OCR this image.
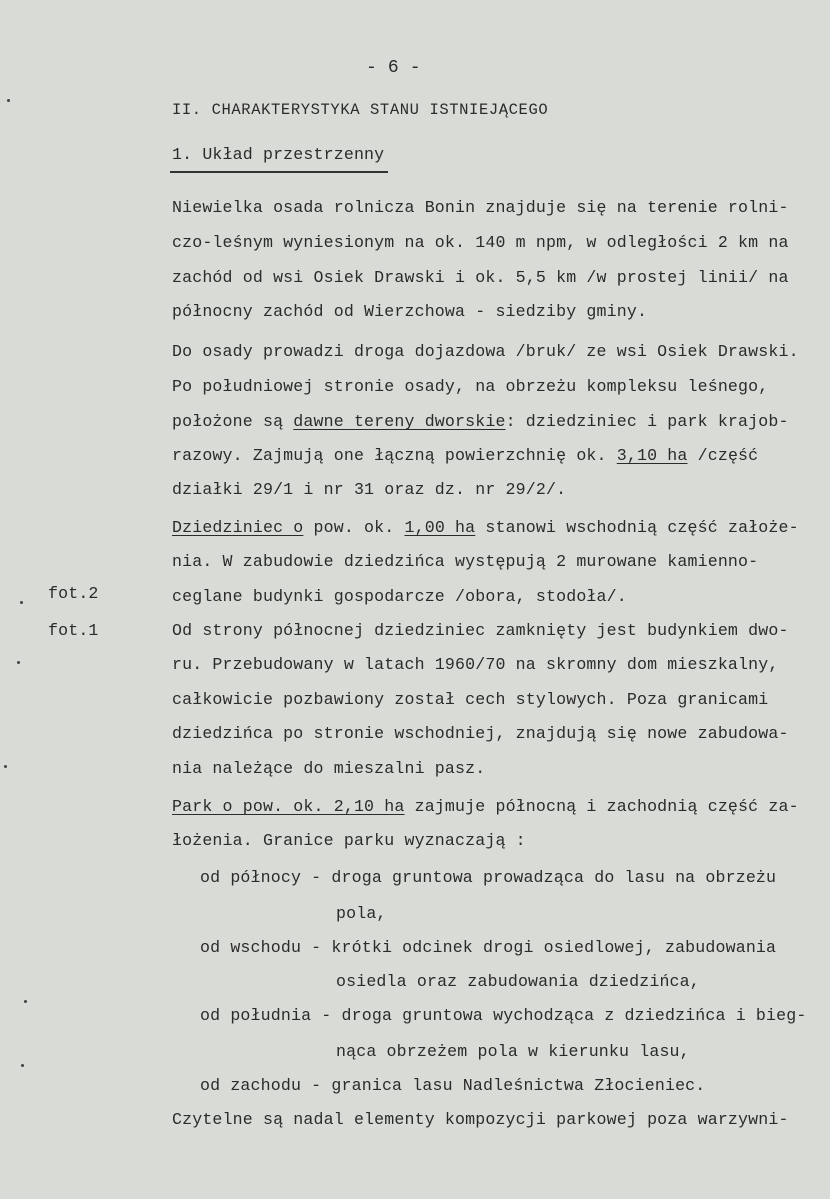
- 6 -
II. CHARAKTERYSTYKA STANU ISTNIEJĄCEGO
1. Układ przestrzenny
fot.2
fot.1
Niewielka osada rolnicza Bonin znajduje się na terenie rolni-
czo-leśnym wyniesionym na ok. 140 m npm, w odległości 2 km na
zachód od wsi Osiek Drawski i ok. 5,5 km /w prostej linii/ na
północny zachód od Wierzchowa - siedziby gminy.
Do osady prowadzi droga dojazdowa /bruk/ ze wsi Osiek Drawski.
Po południowej stronie osady, na obrzeżu kompleksu leśnego,
położone są dawne tereny dworskie: dziedziniec i park krajob-
razowy. Zajmują one łączną powierzchnię ok. 3,10 ha /część
działki 29/1 i nr 31 oraz dz. nr 29/2/.
Dziedziniec o pow. ok. 1,00 ha stanowi wschodnią część założe-
nia. W zabudowie dziedzińca występują 2 murowane kamienno-
ceglane budynki gospodarcze /obora, stodoła/.
Od strony północnej dziedziniec zamknięty jest budynkiem dwo-
ru. Przebudowany w latach 1960/70 na skromny dom mieszkalny,
całkowicie pozbawiony został cech stylowych. Poza granicami
dziedzińca po stronie wschodniej, znajdują się nowe zabudowa-
nia należące do mieszalni pasz.
Park o pow. ok. 2,10 ha zajmuje północną i zachodnią część za-
łożenia. Granice parku wyznaczają :
od północy - droga gruntowa prowadząca do lasu na obrzeżu
pola,
od wschodu - krótki odcinek drogi osiedlowej, zabudowania
osiedla oraz zabudowania dziedzińca,
od południa - droga gruntowa wychodząca z dziedzińca i bieg-
nąca obrzeżem pola w kierunku lasu,
od zachodu - granica lasu Nadleśnictwa Złocieniec.
Czytelne są nadal elementy kompozycji parkowej poza warzywni-
